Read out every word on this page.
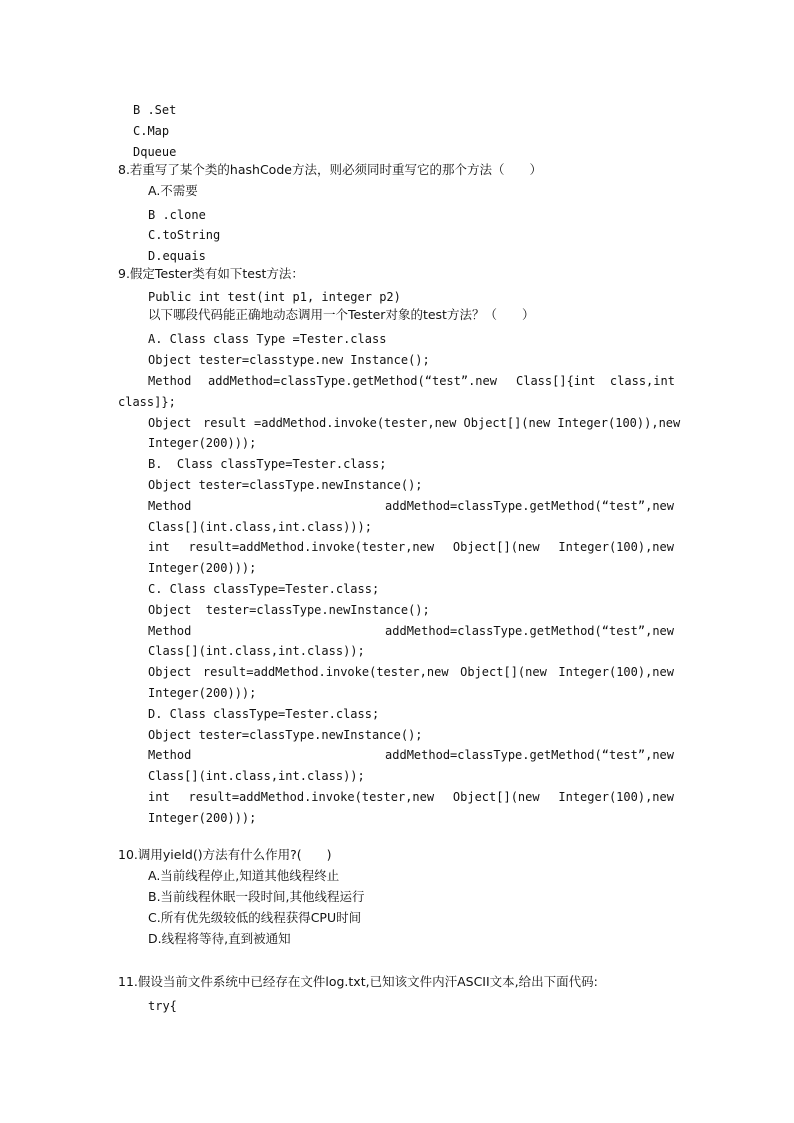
B .Set
C.Map
Dqueue
8.若重写了某个类的hashCode方法，则必须同时重写它的那个方法（　　）
A.不需要
B .clone
C.toString
D.equais
9.假定Tester类有如下test方法：
Public int test(int p1, integer p2)
以下哪段代码能正确地动态调用一个Tester对象的test方法？（　　）
A. Class class Type =Tester.class
Object tester=classtype.new Instance();
Method addMethod=classType.getMethod(“test”.new Class[]{int  class,int
class]};
Object result =addMethod.invoke(tester,new Object[](new Integer(100)),new
Integer(200)));
B.  Class classType=Tester.class;
Object tester=classType.newInstance();
Method	addMethod=classType.getMethod(“test”,new
Class[](int.class,int.class)));
int result=addMethod.invoke(tester,new Object[](new Integer(100),new
Integer(200)));
C. Class classType=Tester.class;
Object  tester=classType.newInstance();
Method	addMethod=classType.getMethod(“test”,new
Class[](int.class,int.class));
Object result=addMethod.invoke(tester,new Object[](new Integer(100),new
Integer(200)));
D. Class classType=Tester.class;
Object tester=classType.newInstance();
Method	addMethod=classType.getMethod(“test”,new
Class[](int.class,int.class));
int result=addMethod.invoke(tester,new Object[](new Integer(100),new
Integer(200)));
10.调用yield()方法有什么作用?(　　)
A.当前线程停止,知道其他线程终止
B.当前线程休眠一段时间,其他线程运行
C.所有优先级较低的线程获得CPU时间
D.线程将等待,直到被通知
11.假设当前文件系统中已经存在文件log.txt,已知该文件内汗ASCII文本,给出下面代码:
try{
